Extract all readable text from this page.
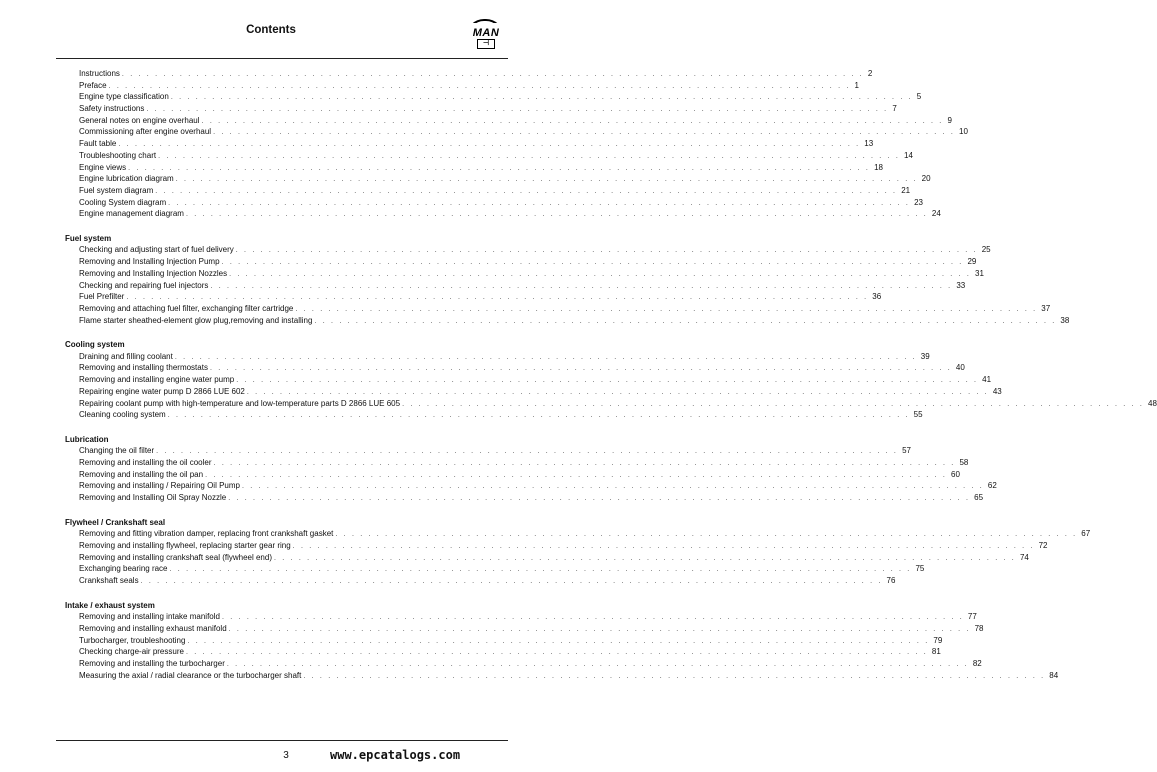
Contents	MAN
⊣
Instructions . . . . . . . . . . . . . . . . . . . . . . . . . . . . . . . . . . . . . . . . . . . . . . . . . . . . . . . . . . . . . . . . . . . . . . . . . . . . . . . . . . . . . . . . . . 2
Preface . . . . . . . . . . . . . . . . . . . . . . . . . . . . . . . . . . . . . . . . . . . . . . . . . . . . . . . . . . . . . . . . . . . . . . . . . . . . . . . . . . . . . . . . . . 1
Engine type classification . . . . . . . . . . . . . . . . . . . . . . . . . . . . . . . . . . . . . . . . . . . . . . . . . . . . . . . . . . . . . . . . . . . . . . . . . . . . . . . . . . . . . . . . . . 5
Safety instructions . . . . . . . . . . . . . . . . . . . . . . . . . . . . . . . . . . . . . . . . . . . . . . . . . . . . . . . . . . . . . . . . . . . . . . . . . . . . . . . . . . . . . . . . . . 7
General notes on engine overhaul . . . . . . . . . . . . . . . . . . . . . . . . . . . . . . . . . . . . . . . . . . . . . . . . . . . . . . . . . . . . . . . . . . . . . . . . . . . . . . . . . . . . . . . . . . 9
Commissioning after engine overhaul . . . . . . . . . . . . . . . . . . . . . . . . . . . . . . . . . . . . . . . . . . . . . . . . . . . . . . . . . . . . . . . . . . . . . . . . . . . . . . . . . . . . . . . . . . 10
Fault table . . . . . . . . . . . . . . . . . . . . . . . . . . . . . . . . . . . . . . . . . . . . . . . . . . . . . . . . . . . . . . . . . . . . . . . . . . . . . . . . . . . . . . . . . . 13
Troubleshooting chart . . . . . . . . . . . . . . . . . . . . . . . . . . . . . . . . . . . . . . . . . . . . . . . . . . . . . . . . . . . . . . . . . . . . . . . . . . . . . . . . . . . . . . . . . . 14
Engine views . . . . . . . . . . . . . . . . . . . . . . . . . . . . . . . . . . . . . . . . . . . . . . . . . . . . . . . . . . . . . . . . . . . . . . . . . . . . . . . . . . . . . . . . . . 18
Engine lubrication diagram . . . . . . . . . . . . . . . . . . . . . . . . . . . . . . . . . . . . . . . . . . . . . . . . . . . . . . . . . . . . . . . . . . . . . . . . . . . . . . . . . . . . . . . . . . 20
Fuel system diagram . . . . . . . . . . . . . . . . . . . . . . . . . . . . . . . . . . . . . . . . . . . . . . . . . . . . . . . . . . . . . . . . . . . . . . . . . . . . . . . . . . . . . . . . . . 21
Cooling System diagram . . . . . . . . . . . . . . . . . . . . . . . . . . . . . . . . . . . . . . . . . . . . . . . . . . . . . . . . . . . . . . . . . . . . . . . . . . . . . . . . . . . . . . . . . . 23
Engine management diagram . . . . . . . . . . . . . . . . . . . . . . . . . . . . . . . . . . . . . . . . . . . . . . . . . . . . . . . . . . . . . . . . . . . . . . . . . . . . . . . . . . . . . . . . . . 24
Fuel system
Checking and adjusting start of fuel delivery . . . . . . . . . . . . . . . . . . . . . . . . . . . . . . . . . . . . . . . . . . . . . . . . . . . . . . . . . . . . . . . . . . . . . . . . . . . . . . . . . . . . . . . . . . 25
Removing and Installing Injection Pump . . . . . . . . . . . . . . . . . . . . . . . . . . . . . . . . . . . . . . . . . . . . . . . . . . . . . . . . . . . . . . . . . . . . . . . . . . . . . . . . . . . . . . . . . . 29
Removing and Installing Injection Nozzles . . . . . . . . . . . . . . . . . . . . . . . . . . . . . . . . . . . . . . . . . . . . . . . . . . . . . . . . . . . . . . . . . . . . . . . . . . . . . . . . . . . . . . . . . . 31
Checking and repairing fuel injectors . . . . . . . . . . . . . . . . . . . . . . . . . . . . . . . . . . . . . . . . . . . . . . . . . . . . . . . . . . . . . . . . . . . . . . . . . . . . . . . . . . . . . . . . . . 33
Fuel Prefilter . . . . . . . . . . . . . . . . . . . . . . . . . . . . . . . . . . . . . . . . . . . . . . . . . . . . . . . . . . . . . . . . . . . . . . . . . . . . . . . . . . . . . . . . . . 36
Removing and attaching fuel filter, exchanging filter cartridge . . . . . . . . . . . . . . . . . . . . . . . . . . . . . . . . . . . . . . . . . . . . . . . . . . . . . . . . . . . . . . . . . . . . . . . . . . . . . . . . . . . . . . . . . . 37
Flame starter sheathed-element glow plug,removing and installing . . . . . . . . . . . . . . . . . . . . . . . . . . . . . . . . . . . . . . . . . . . . . . . . . . . . . . . . . . . . . . . . . . . . . . . . . . . . . . . . . . . . . . . . . . 38
Cooling system
Draining and filling coolant . . . . . . . . . . . . . . . . . . . . . . . . . . . . . . . . . . . . . . . . . . . . . . . . . . . . . . . . . . . . . . . . . . . . . . . . . . . . . . . . . . . . . . . . . . 39
Removing and installing thermostats . . . . . . . . . . . . . . . . . . . . . . . . . . . . . . . . . . . . . . . . . . . . . . . . . . . . . . . . . . . . . . . . . . . . . . . . . . . . . . . . . . . . . . . . . . 40
Removing and installing engine water pump . . . . . . . . . . . . . . . . . . . . . . . . . . . . . . . . . . . . . . . . . . . . . . . . . . . . . . . . . . . . . . . . . . . . . . . . . . . . . . . . . . . . . . . . . . 41
Repairing engine water pump D 2866 LUE 602 . . . . . . . . . . . . . . . . . . . . . . . . . . . . . . . . . . . . . . . . . . . . . . . . . . . . . . . . . . . . . . . . . . . . . . . . . . . . . . . . . . . . . . . . . . 43
Repairing coolant pump with high-temperature and low-temperature parts D 2866 LUE 605 . . . . . . . . . . . . . . . . . . . . . . . . . . . . . . . . . . . . . . . . . . . . . . . . . . . . . . . . . . . . . . . . . . . . . . . . . . . . . . . . . . . . . . . . . . 48
Cleaning cooling system . . . . . . . . . . . . . . . . . . . . . . . . . . . . . . . . . . . . . . . . . . . . . . . . . . . . . . . . . . . . . . . . . . . . . . . . . . . . . . . . . . . . . . . . . . 55
Lubrication
Changing the oil filter . . . . . . . . . . . . . . . . . . . . . . . . . . . . . . . . . . . . . . . . . . . . . . . . . . . . . . . . . . . . . . . . . . . . . . . . . . . . . . . . . . . . . . . . . . 57
Removing and installing the oil cooler . . . . . . . . . . . . . . . . . . . . . . . . . . . . . . . . . . . . . . . . . . . . . . . . . . . . . . . . . . . . . . . . . . . . . . . . . . . . . . . . . . . . . . . . . . 58
Removing and installing the oil pan . . . . . . . . . . . . . . . . . . . . . . . . . . . . . . . . . . . . . . . . . . . . . . . . . . . . . . . . . . . . . . . . . . . . . . . . . . . . . . . . . . . . . . . . . . 60
Removing and installing / Repairing Oil Pump . . . . . . . . . . . . . . . . . . . . . . . . . . . . . . . . . . . . . . . . . . . . . . . . . . . . . . . . . . . . . . . . . . . . . . . . . . . . . . . . . . . . . . . . . . 62
Removing and Installing Oil Spray Nozzle . . . . . . . . . . . . . . . . . . . . . . . . . . . . . . . . . . . . . . . . . . . . . . . . . . . . . . . . . . . . . . . . . . . . . . . . . . . . . . . . . . . . . . . . . . 65
Flywheel / Crankshaft seal
Removing and fitting vibration damper, replacing front crankshaft gasket . . . . . . . . . . . . . . . . . . . . . . . . . . . . . . . . . . . . . . . . . . . . . . . . . . . . . . . . . . . . . . . . . . . . . . . . . . . . . . . . . . . . . . . . . . 67
Removing and installing flywheel, replacing starter gear ring . . . . . . . . . . . . . . . . . . . . . . . . . . . . . . . . . . . . . . . . . . . . . . . . . . . . . . . . . . . . . . . . . . . . . . . . . . . . . . . . . . . . . . . . . . 72
Removing and installing crankshaft seal (flywheel end) . . . . . . . . . . . . . . . . . . . . . . . . . . . . . . . . . . . . . . . . . . . . . . . . . . . . . . . . . . . . . . . . . . . . . . . . . . . . . . . . . . . . . . . . . . 74
Exchanging bearing race . . . . . . . . . . . . . . . . . . . . . . . . . . . . . . . . . . . . . . . . . . . . . . . . . . . . . . . . . . . . . . . . . . . . . . . . . . . . . . . . . . . . . . . . . . 75
Crankshaft seals . . . . . . . . . . . . . . . . . . . . . . . . . . . . . . . . . . . . . . . . . . . . . . . . . . . . . . . . . . . . . . . . . . . . . . . . . . . . . . . . . . . . . . . . . . 76
Intake / exhaust system
Removing and installing intake manifold . . . . . . . . . . . . . . . . . . . . . . . . . . . . . . . . . . . . . . . . . . . . . . . . . . . . . . . . . . . . . . . . . . . . . . . . . . . . . . . . . . . . . . . . . . 77
Removing and installing exhaust manifold . . . . . . . . . . . . . . . . . . . . . . . . . . . . . . . . . . . . . . . . . . . . . . . . . . . . . . . . . . . . . . . . . . . . . . . . . . . . . . . . . . . . . . . . . . 78
Turbocharger, troubleshooting . . . . . . . . . . . . . . . . . . . . . . . . . . . . . . . . . . . . . . . . . . . . . . . . . . . . . . . . . . . . . . . . . . . . . . . . . . . . . . . . . . . . . . . . . . 79
Checking charge-air pressure . . . . . . . . . . . . . . . . . . . . . . . . . . . . . . . . . . . . . . . . . . . . . . . . . . . . . . . . . . . . . . . . . . . . . . . . . . . . . . . . . . . . . . . . . . 81
Removing and installing the turbocharger . . . . . . . . . . . . . . . . . . . . . . . . . . . . . . . . . . . . . . . . . . . . . . . . . . . . . . . . . . . . . . . . . . . . . . . . . . . . . . . . . . . . . . . . . . 82
Measuring the axial / radial clearance or the turbocharger shaft . . . . . . . . . . . . . . . . . . . . . . . . . . . . . . . . . . . . . . . . . . . . . . . . . . . . . . . . . . . . . . . . . . . . . . . . . . . . . . . . . . . . . . . . . . 84
3	www.epcatalogs.com
